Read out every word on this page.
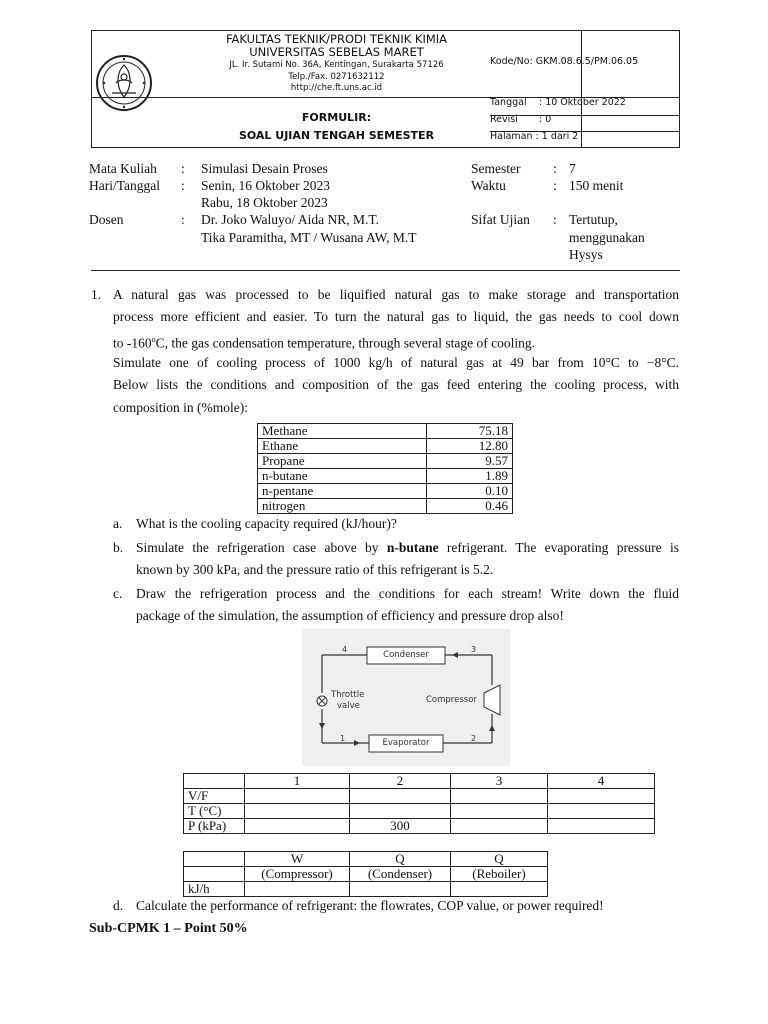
FAKULTAS TEKNIK/PRODI TEKNIK KIMIA
UNIVERSITAS SEBELAS MARET
JL. Ir. Sutami No. 36A, Kentingan, Surakarta 57126
Telp./Fax. 0271632112
http://che.ft.uns.ac.id
FORMULIR:
SOAL UJIAN TENGAH SEMESTER
Kode/No: GKM.08.6.5/PM.06.05
Tanggal : 10 Oktober 2022
Revisi : 0
Halaman : 1 dari 2
Mata Kuliah : Simulasi Desain Proses
Hari/Tanggal : Senin, 16 Oktober 2023
Rabu, 18 Oktober 2023
Dosen	: Dr. Joko Waluyo/ Aida NR, M.T.
Tika Paramitha, MT / Wusana AW, M.T
Semester : 7
Waktu	: 150 menit
Sifat Ujian : Tertutup,
menggunakan
Hysys
1. A natural gas was processed to be liquified natural gas to make storage and transportation
process more efficient and easier. To turn the natural gas to liquid, the gas needs to cool down
to -160$^o$C, the gas condensation temperature, through several stage of cooling.
Simulate one of cooling process of 1000 kg/h of natural gas at 49 bar from 10°C to −8°C.
Below lists the conditions and composition of the gas feed entering the cooling process, with
composition in (%mole):
Methane	75.18
Ethane	12.80
Propane	9.57
n-butane	1.89
n-pentane	0.10
nitrogen	0.46
a. What is the cooling capacity required (kJ/hour)?
b. Simulate the refrigeration case above by n-butane refrigerant. The evaporating pressure is
known by 300 kPa, and the pressure ratio of this refrigerant is 5.2.
c. Draw the refrigeration process and the conditions for each stream! Write down the fluid
package of the simulation, the assumption of efficiency and pressure drop also!
Condenser
Evaporator
Compressor
Throttle
valve
4	3
1	2
	1	2	3	4
V/F				
T (°C)				
P (kPa)		300		
	W	Q	Q
	(Compressor)	(Condenser)	(Reboiler)
kJ/h			
d. Calculate the performance of refrigerant: the flowrates, COP value, or power required!
Sub-CPMK 1 – Point 50%
